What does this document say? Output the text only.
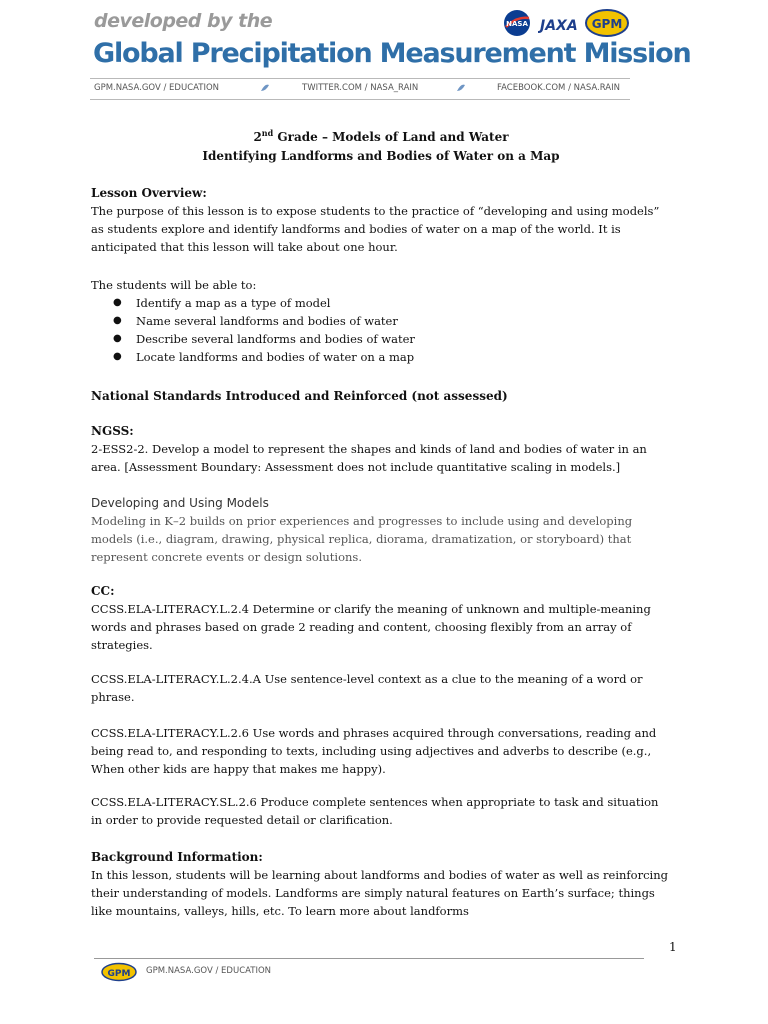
developed by the
Global Precipitation Measurement Mission
NASA JAXA GPM
GPM.NASA.GOV / EDUCATION	TWITTER.COM / NASA_RAIN	FACEBOOK.COM / NASA.RAIN
2nd Grade – Models of Land and Water
Identifying Landforms and Bodies of Water on a Map
Lesson Overview:

The purpose of this lesson is to expose students to the practice of “developing and using models” as students explore and identify landforms and bodies of water on a map of the world. It is anticipated that this lesson will take about one hour.

The students will be able to:

● Identify a map as a type of model
● Name several landforms and bodies of water
● Describe several landforms and bodies of water
● Locate landforms and bodies of water on a map
National Standards Introduced and Reinforced (not assessed)
NGSS:

2-ESS2-2. Develop a model to represent the shapes and kinds of land and bodies of water in an area. [Assessment Boundary: Assessment does not include quantitative scaling in models.]

Developing and Using Models

Modeling in K–2 builds on prior experiences and progresses to include using and developing models (i.e., diagram, drawing, physical replica, diorama, dramatization, or storyboard) that represent concrete events or design solutions.

CC:

CCSS.ELA-LITERACY.L.2.4 Determine or clarify the meaning of unknown and multiple-meaning words and phrases based on grade 2 reading and content, choosing flexibly from an array of strategies.

CCSS.ELA-LITERACY.L.2.4.A Use sentence-level context as a clue to the meaning of a word or phrase.

CCSS.ELA-LITERACY.L.2.6 Use words and phrases acquired through conversations, reading and being read to, and responding to texts, including using adjectives and adverbs to describe (e.g., When other kids are happy that makes me happy).

CCSS.ELA-LITERACY.SL.2.6 Produce complete sentences when appropriate to task and situation in order to provide requested detail or clarification.

Background Information:

In this lesson, students will be learning about landforms and bodies of water as well as reinforcing their understanding of models. Landforms are simply natural features on Earth’s surface; things like mountains, valleys, hills, etc. To learn more about landforms

1
GPM GPM.NASA.GOV / EDUCATION
